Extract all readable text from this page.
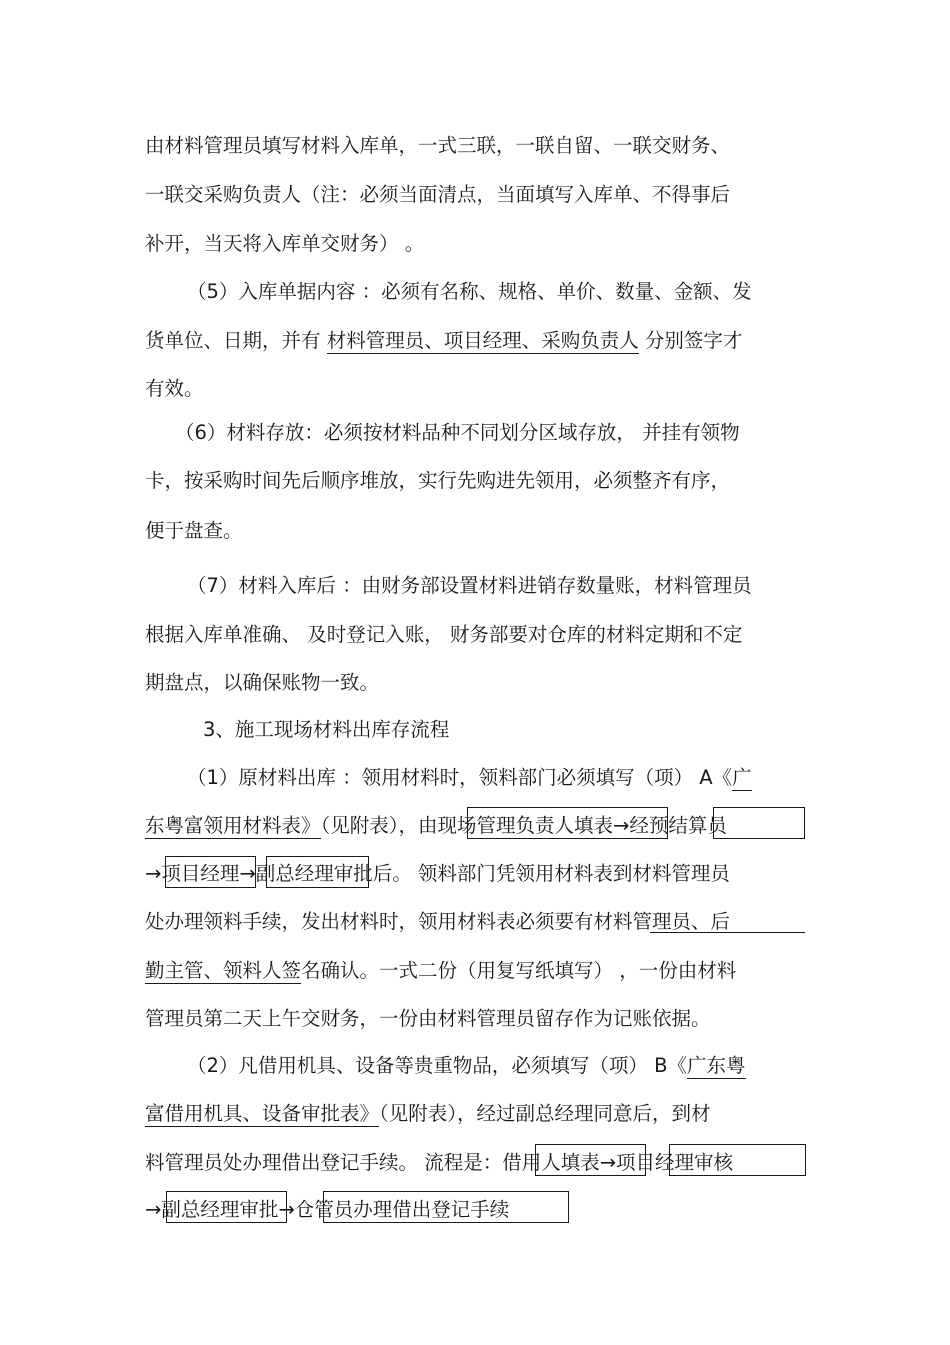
由材料管理员填写材料入库单，一式三联，一联自留、一联交财务、
一联交采购负责人（注：必须当面清点，当面填写入库单、不得事后
补开，当天将入库单交财务） 。
（5）入库单据内容 ：必须有名称、规格、单价、数量、金额、发
货单位、日期，并有 材料管理员、项目经理、采购负责人 分别签字才
有效。
（6）材料存放：必须按材料品种不同划分区域存放， 并挂有领物
卡，按采购时间先后顺序堆放，实行先购进先领用，必须整齐有序，
便于盘查。
（7）材料入库后 ：由财务部设置材料进销存数量账，材料管理员
根据入库单准确、 及时登记入账， 财务部要对仓库的材料定期和不定
期盘点，以确保账物一致。
3、施工现场材料出库存流程
（1）原材料出库 ：领用材料时，领料部门必须填写（项） A《广
东粤富领用材料表》（见附表），由现场管理负责人填表→经预结算员
→项目经理→副总经理审批后。 领料部门凭领用材料表到材料管理员
处办理领料手续，发出材料时，领用材料表必须要有材料管理员、后
勤主管、领料人签名确认。一式二份（用复写纸填写） ，一份由材料
管理员第二天上午交财务，一份由材料管理员留存作为记账依据。
（2）凡借用机具、设备等贵重物品，必须填写（项） B《广东粤
富借用机具、设备审批表》（见附表），经过副总经理同意后，到材
料管理员处办理借出登记手续。 流程是：借用人填表→项目经理审核
→副总经理审批→仓管员办理借出登记手续
